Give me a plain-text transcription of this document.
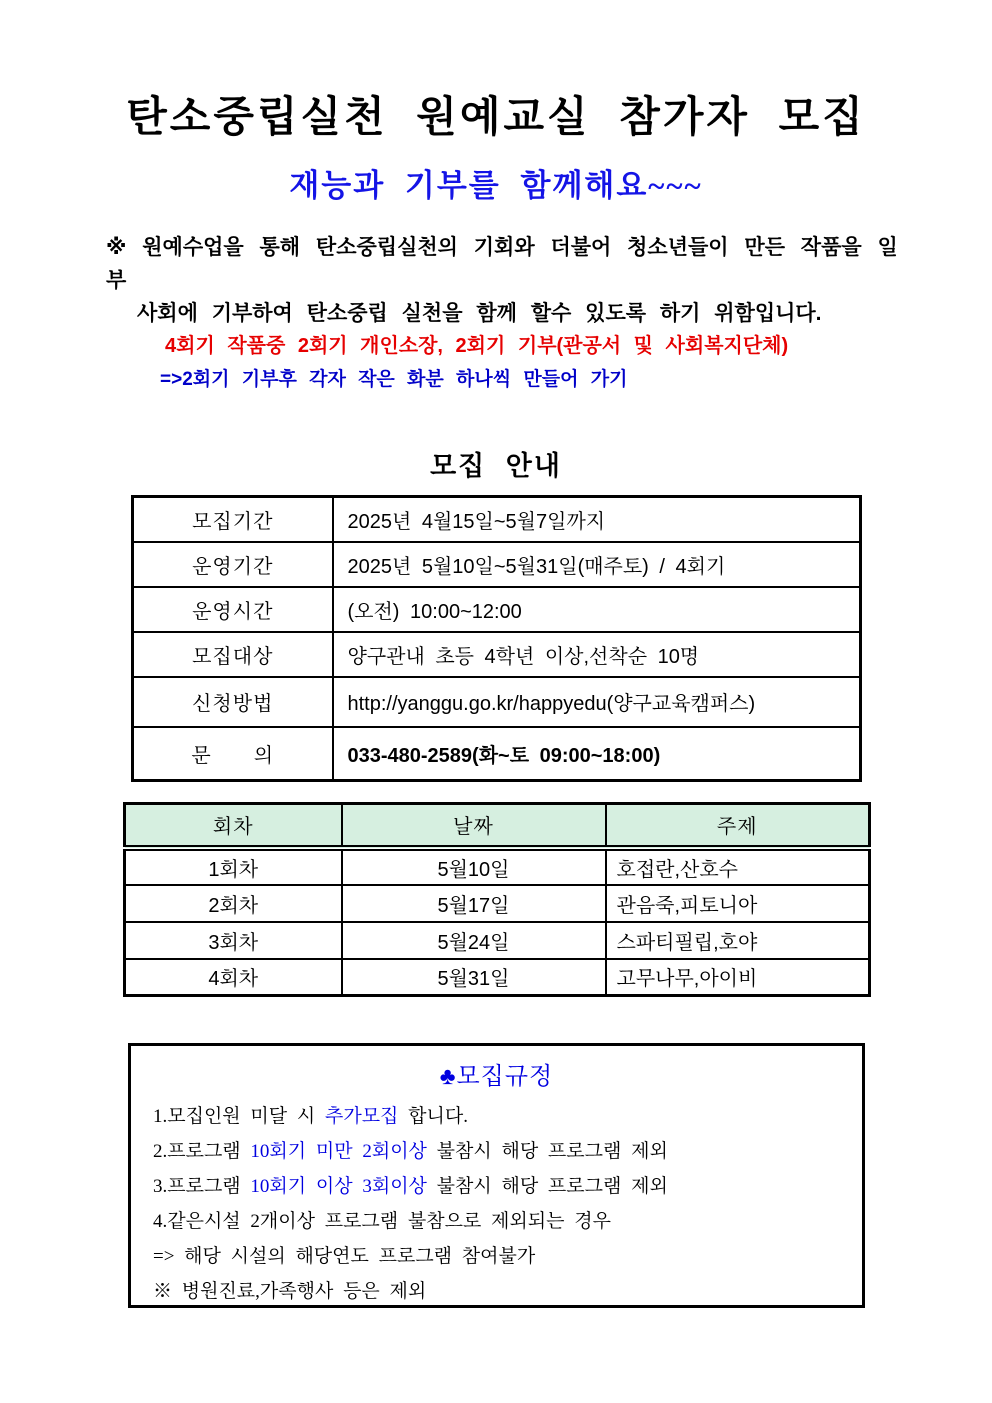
탄소중립실천 원예교실 참가자 모집
재능과 기부를 함께해요~~~

※ 원예수업을 통해 탄소중립실천의 기회와 더불어 청소년들이 만든 작품을 일부

사회에 기부하여 탄소중립 실천을 함께 할수 있도록 하기 위함입니다.

4회기 작품중 2회기 개인소장, 2회기 기부(관공서 및 사회복지단체)

=>2회기 기부후 각자 작은 화분 하나씩 만들어 가기

모집 안내
모집기간	2025년 4월15일~5월7일까지
운영기간	2025년 5월10일~5월31일(매주토) / 4회기
운영시간	(오전) 10:00~12:00
모집대상	양구관내 초등 4학년 이상,선착순 10명
신청방법	http://yanggu.go.kr/happyedu(양구교육캠퍼스)
문　　의	033-480-2589(화~토 09:00~18:00)
회차	날짜	주제
1회차	5월10일	호접란,산호수
2회차	5월17일	관음죽,피토니아
3회차	5월24일	스파티필립,호야
4회차	5월31일	고무나무,아이비
♣모집규정

1.모집인원 미달 시 추가모집 합니다.

2.프로그램 10회기 미만 2회이상 불참시 해당 프로그램 제외

3.프로그램 10회기 이상 3회이상 불참시 해당 프로그램 제외

4.같은시설 2개이상 프로그램 불참으로 제외되는 경우

=> 해당 시설의 해당연도 프로그램 참여불가

※ 병원진료,가족행사 등은 제외
